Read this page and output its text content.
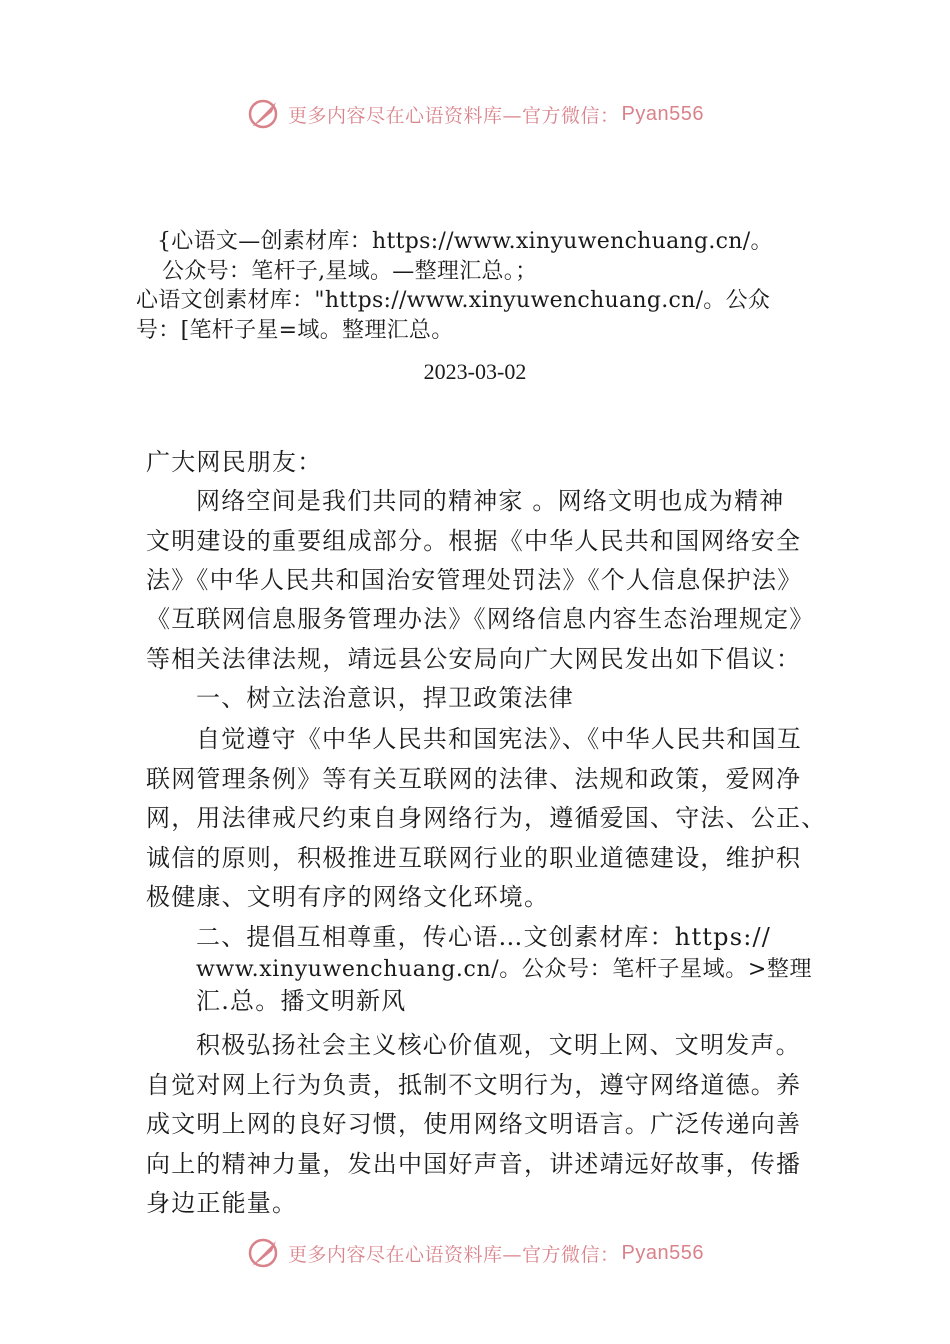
更多内容尽在心语资料库—官方微信： Pyan556
{心语文—创素材库：https://www.xinyuwenchuang.cn/。
公众号：笔杆子,星域。—整理汇总。；
心语文创素材库："https://www.xinyuwenchuang.cn/。公众
号：[笔杆子星=域。整理汇总。
2023-03-02
广大网民朋友：
网络空间是我们共同的精神家 。网络文明也成为精神
文明建设的重要组成部分。根据《中华人民共和国网络安全
法》《中华人民共和国治安管理处罚法》《个人信息保护法》
《互联网信息服务管理办法》《网络信息内容生态治理规定》
等相关法律法规，靖远县公安局向广大网民发出如下倡议：
一、树立法治意识，捍卫政策法律
自觉遵守《中华人民共和国宪法》、《中华人民共和国互
联网管理条例》等有关互联网的法律、法规和政策，爱网净
网，用法律戒尺约束自身网络行为，遵循爱国、守法、公正、
诚信的原则，积极推进互联网行业的职业道德建设，维护积
极健康、文明有序的网络文化环境。
二、提倡互相尊重，传心语…文创素材库：https://
www.xinyuwenchuang.cn/。公众号：笔杆子星域。>整理
汇.总。播文明新风
积极弘扬社会主义核心价值观，文明上网、文明发声。
自觉对网上行为负责，抵制不文明行为，遵守网络道德。养
成文明上网的良好习惯，使用网络文明语言。广泛传递向善
向上的精神力量，发出中国好声音，讲述靖远好故事，传播
身边正能量。
更多内容尽在心语资料库—官方微信： Pyan556
